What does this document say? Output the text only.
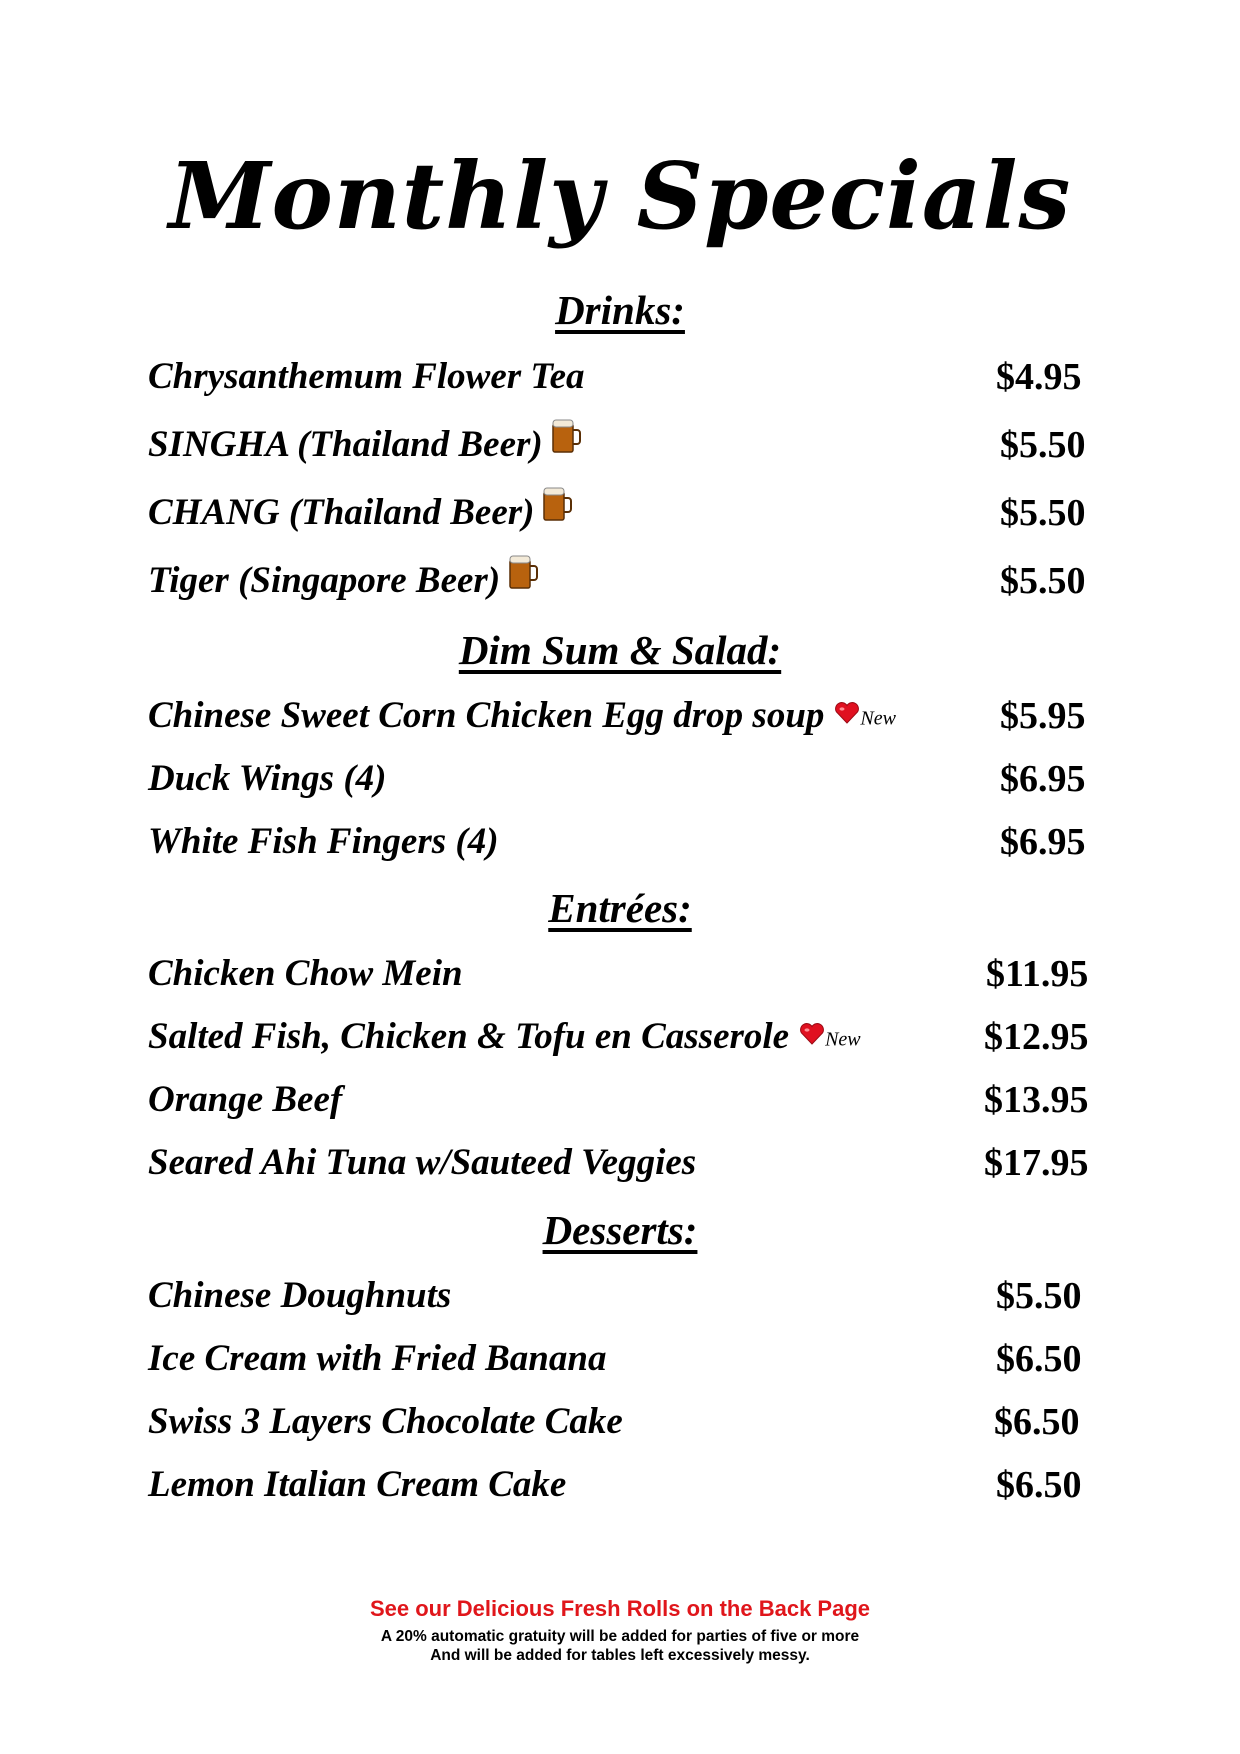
Monthly Specials
Drinks:
Chrysanthemum Flower Tea	$4.95
SINGHA (Thailand Beer)	$5.50
CHANG (Thailand Beer)	$5.50
Tiger (Singapore Beer)	$5.50
Dim Sum & Salad:
Chinese Sweet Corn Chicken Egg drop soup New	$5.95
Duck Wings (4)	$6.95
White Fish Fingers (4)	$6.95
Entrées:
Chicken Chow Mein	$11.95
Salted Fish, Chicken & Tofu en Casserole New	$12.95
Orange Beef	$13.95
Seared Ahi Tuna w/Sauteed Veggies	$17.95
Desserts:
Chinese Doughnuts	$5.50
Ice Cream with Fried Banana	$6.50
Swiss 3 Layers Chocolate Cake	$6.50
Lemon Italian Cream Cake	$6.50
See our Delicious Fresh Rolls on the Back Page
A 20% automatic gratuity will be added for parties of five or more
And will be added for tables left excessively messy.
